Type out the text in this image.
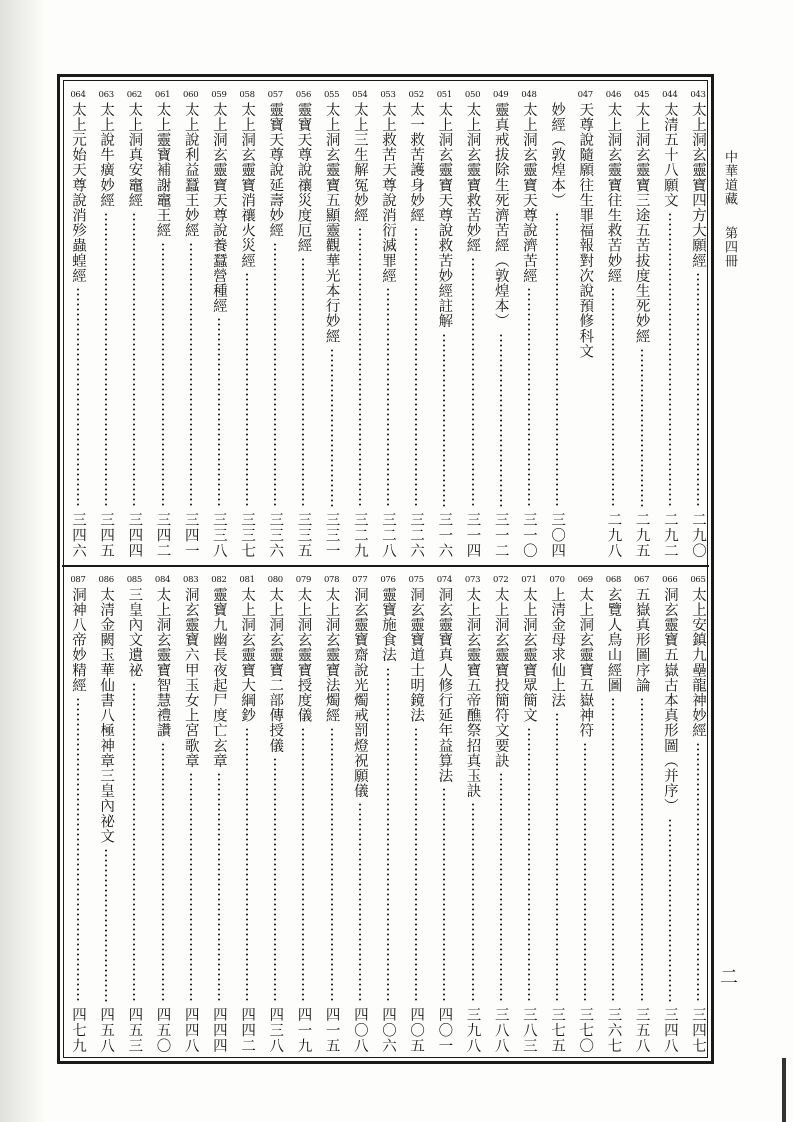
中華道藏
第四冊
二
043
太上洞玄靈寶四方大願經
二九〇
044
太清五十八願文
二九二
045
太上洞玄靈寶三途五苦拔度生死妙經
二九五
046
太上洞玄靈寶往生救苦妙經
二九八
047
天尊說隨願往生罪福報對次說預修科文
妙經（敦煌本）
三〇四
048
太上洞玄靈寶天尊說濟苦經
三一〇
049
靈真戒拔除生死濟苦經（敦煌本）
三一二
050
太上洞玄靈寶救苦妙經
三一四
051
太上洞玄靈寶天尊說救苦妙經註解
三一六
052
太一救苦護身妙經
三二六
053
太上救苦天尊說消衍滅罪經
三二八
054
太上三生解冤妙經
三二九
055
太上洞玄靈寶五顯靈觀華光本行妙經
三三一
056
靈寶天尊說禳災度厄經
三三五
057
靈寶天尊說延壽妙經
三三六
058
太上洞玄靈寶消禳火災經
三三七
059
太上洞玄靈寶天尊說養蠶營種經
三三八
060
太上說利益蠶王妙經
三四一
061
太上靈寶補謝竈王經
三四二
062
太上洞真安竈經
三四四
063
太上說牛癀妙經
三四五
064
太上元始天尊說消殄蟲蝗經
三四六
065
太上安鎮九壘龍神妙經
三四七
066
洞玄靈寶五嶽古本真形圖（并序）
三四八
067
五嶽真形圖序論
三五八
068
玄覽人鳥山經圖
三六七
069
太上洞玄靈寶五嶽神符
三七〇
070
上清金母求仙上法
三七五
071
太上洞玄靈寶眾簡文
三八三
072
太上洞玄靈寶投簡符文要訣
三八八
073
太上洞玄靈寶五帝醮祭招真玉訣
三九八
074
洞玄靈寶真人修行延年益算法
四〇一
075
洞玄靈寶道士明鏡法
四〇五
076
靈寶施食法
四〇六
077
洞玄靈寶齋說光燭戒罰燈祝願儀
四〇八
078
太上洞玄靈寶法燭經
四一五
079
太上洞玄靈寶授度儀
四一九
080
太上洞玄靈寶二部傳授儀
四三八
081
太上洞玄靈寶大綱鈔
四四二
082
靈寶九幽長夜起尸度亡玄章
四四四
083
洞玄靈寶六甲玉女上宮歌章
四四八
084
太上洞玄靈寶智慧禮讚
四五〇
085
三皇內文遺祕
四五三
086
太清金闕玉華仙書八極神章三皇內祕文
四五八
087
洞神八帝妙精經
四七九
